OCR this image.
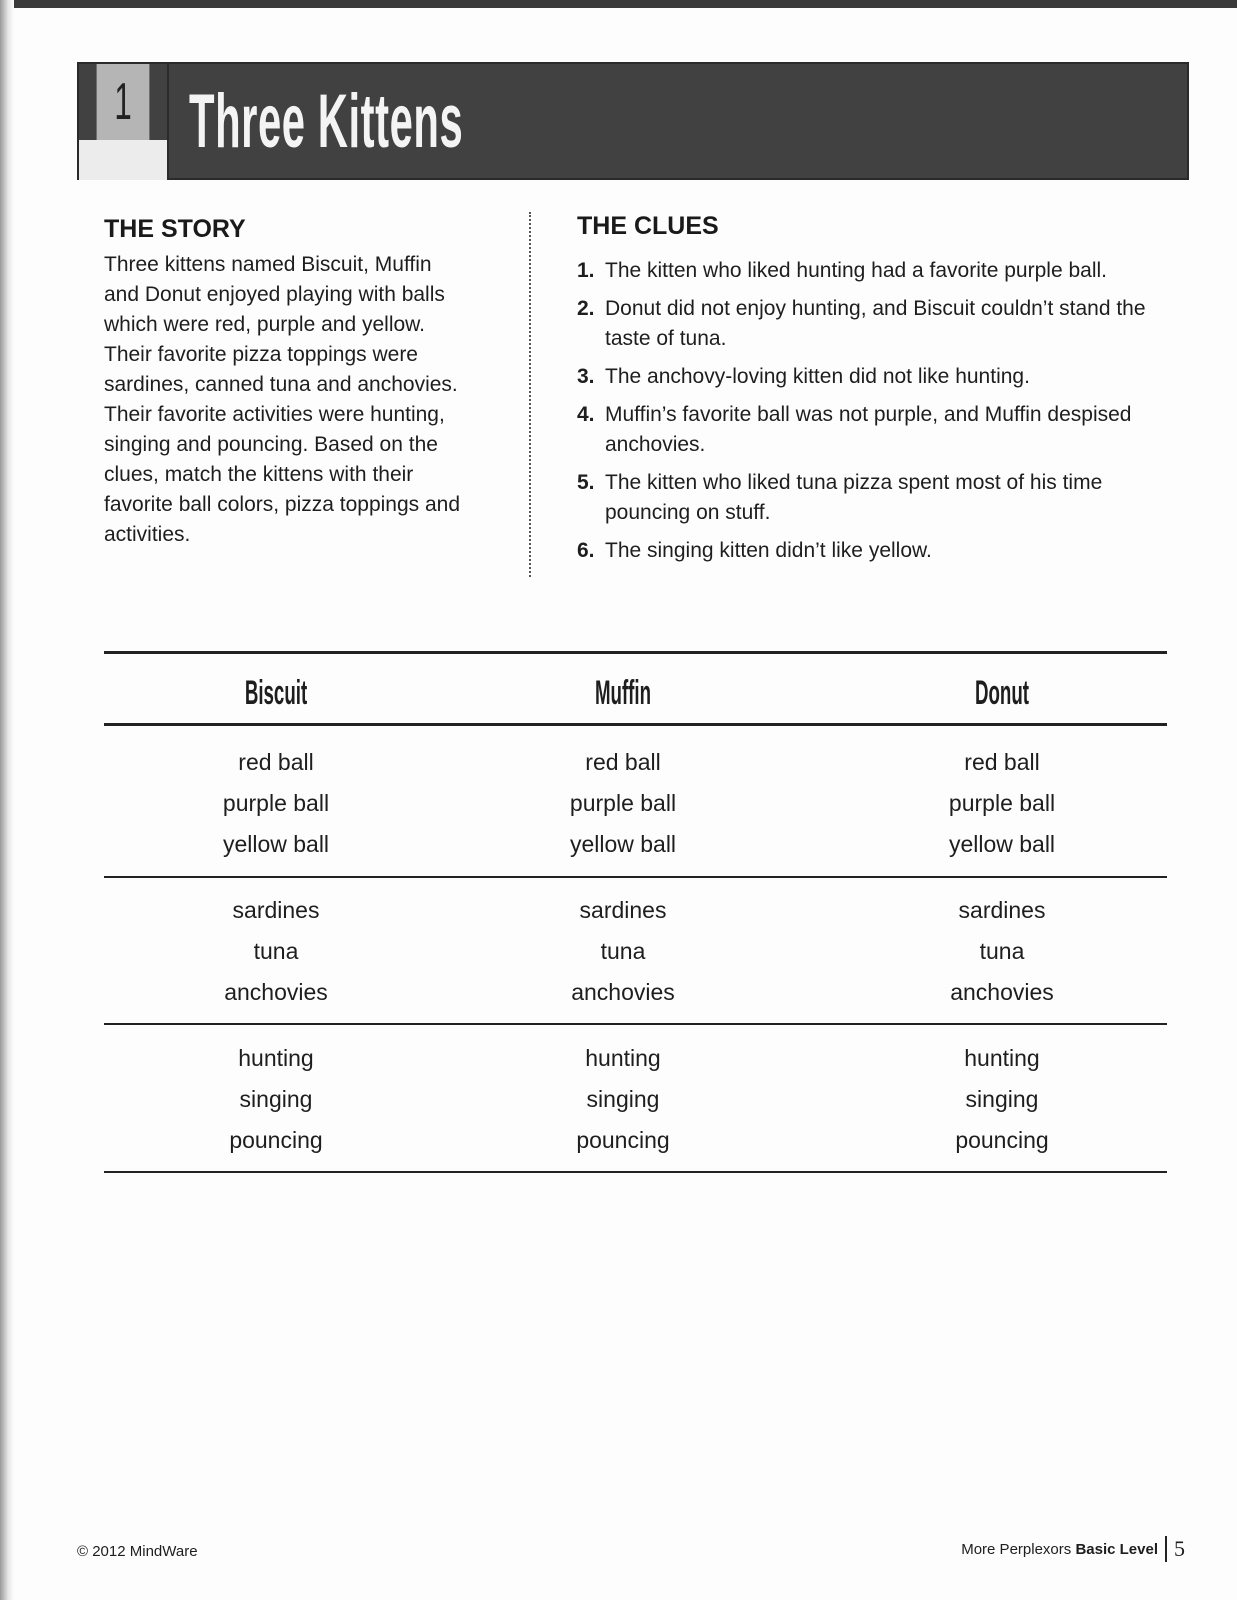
1 Three Kittens
THE STORY
Three kittens named Biscuit, Muffin and Donut enjoyed playing with balls which were red, purple and yellow. Their favorite pizza toppings were sardines, canned tuna and anchovies. Their favorite activities were hunting, singing and pouncing. Based on the clues, match the kittens with their favorite ball colors, pizza toppings and activities.
THE CLUES
1. The kitten who liked hunting had a favorite purple ball.
2. Donut did not enjoy hunting, and Biscuit couldn’t stand the taste of tuna.
3. The anchovy-loving kitten did not like hunting.
4. Muffin’s favorite ball was not purple, and Muffin despised anchovies.
5. The kitten who liked tuna pizza spent most of his time pouncing on stuff.
6. The singing kitten didn’t like yellow.
Biscuit
red ball
purple ball
yellow ball
sardines
tuna
anchovies
hunting
singing
pouncing
Muffin
red ball
purple ball
yellow ball
sardines
tuna
anchovies
hunting
singing
pouncing
Donut
red ball
purple ball
yellow ball
sardines
tuna
anchovies
hunting
singing
pouncing
© 2012 MindWare	More Perplexors
Basic Level 5
